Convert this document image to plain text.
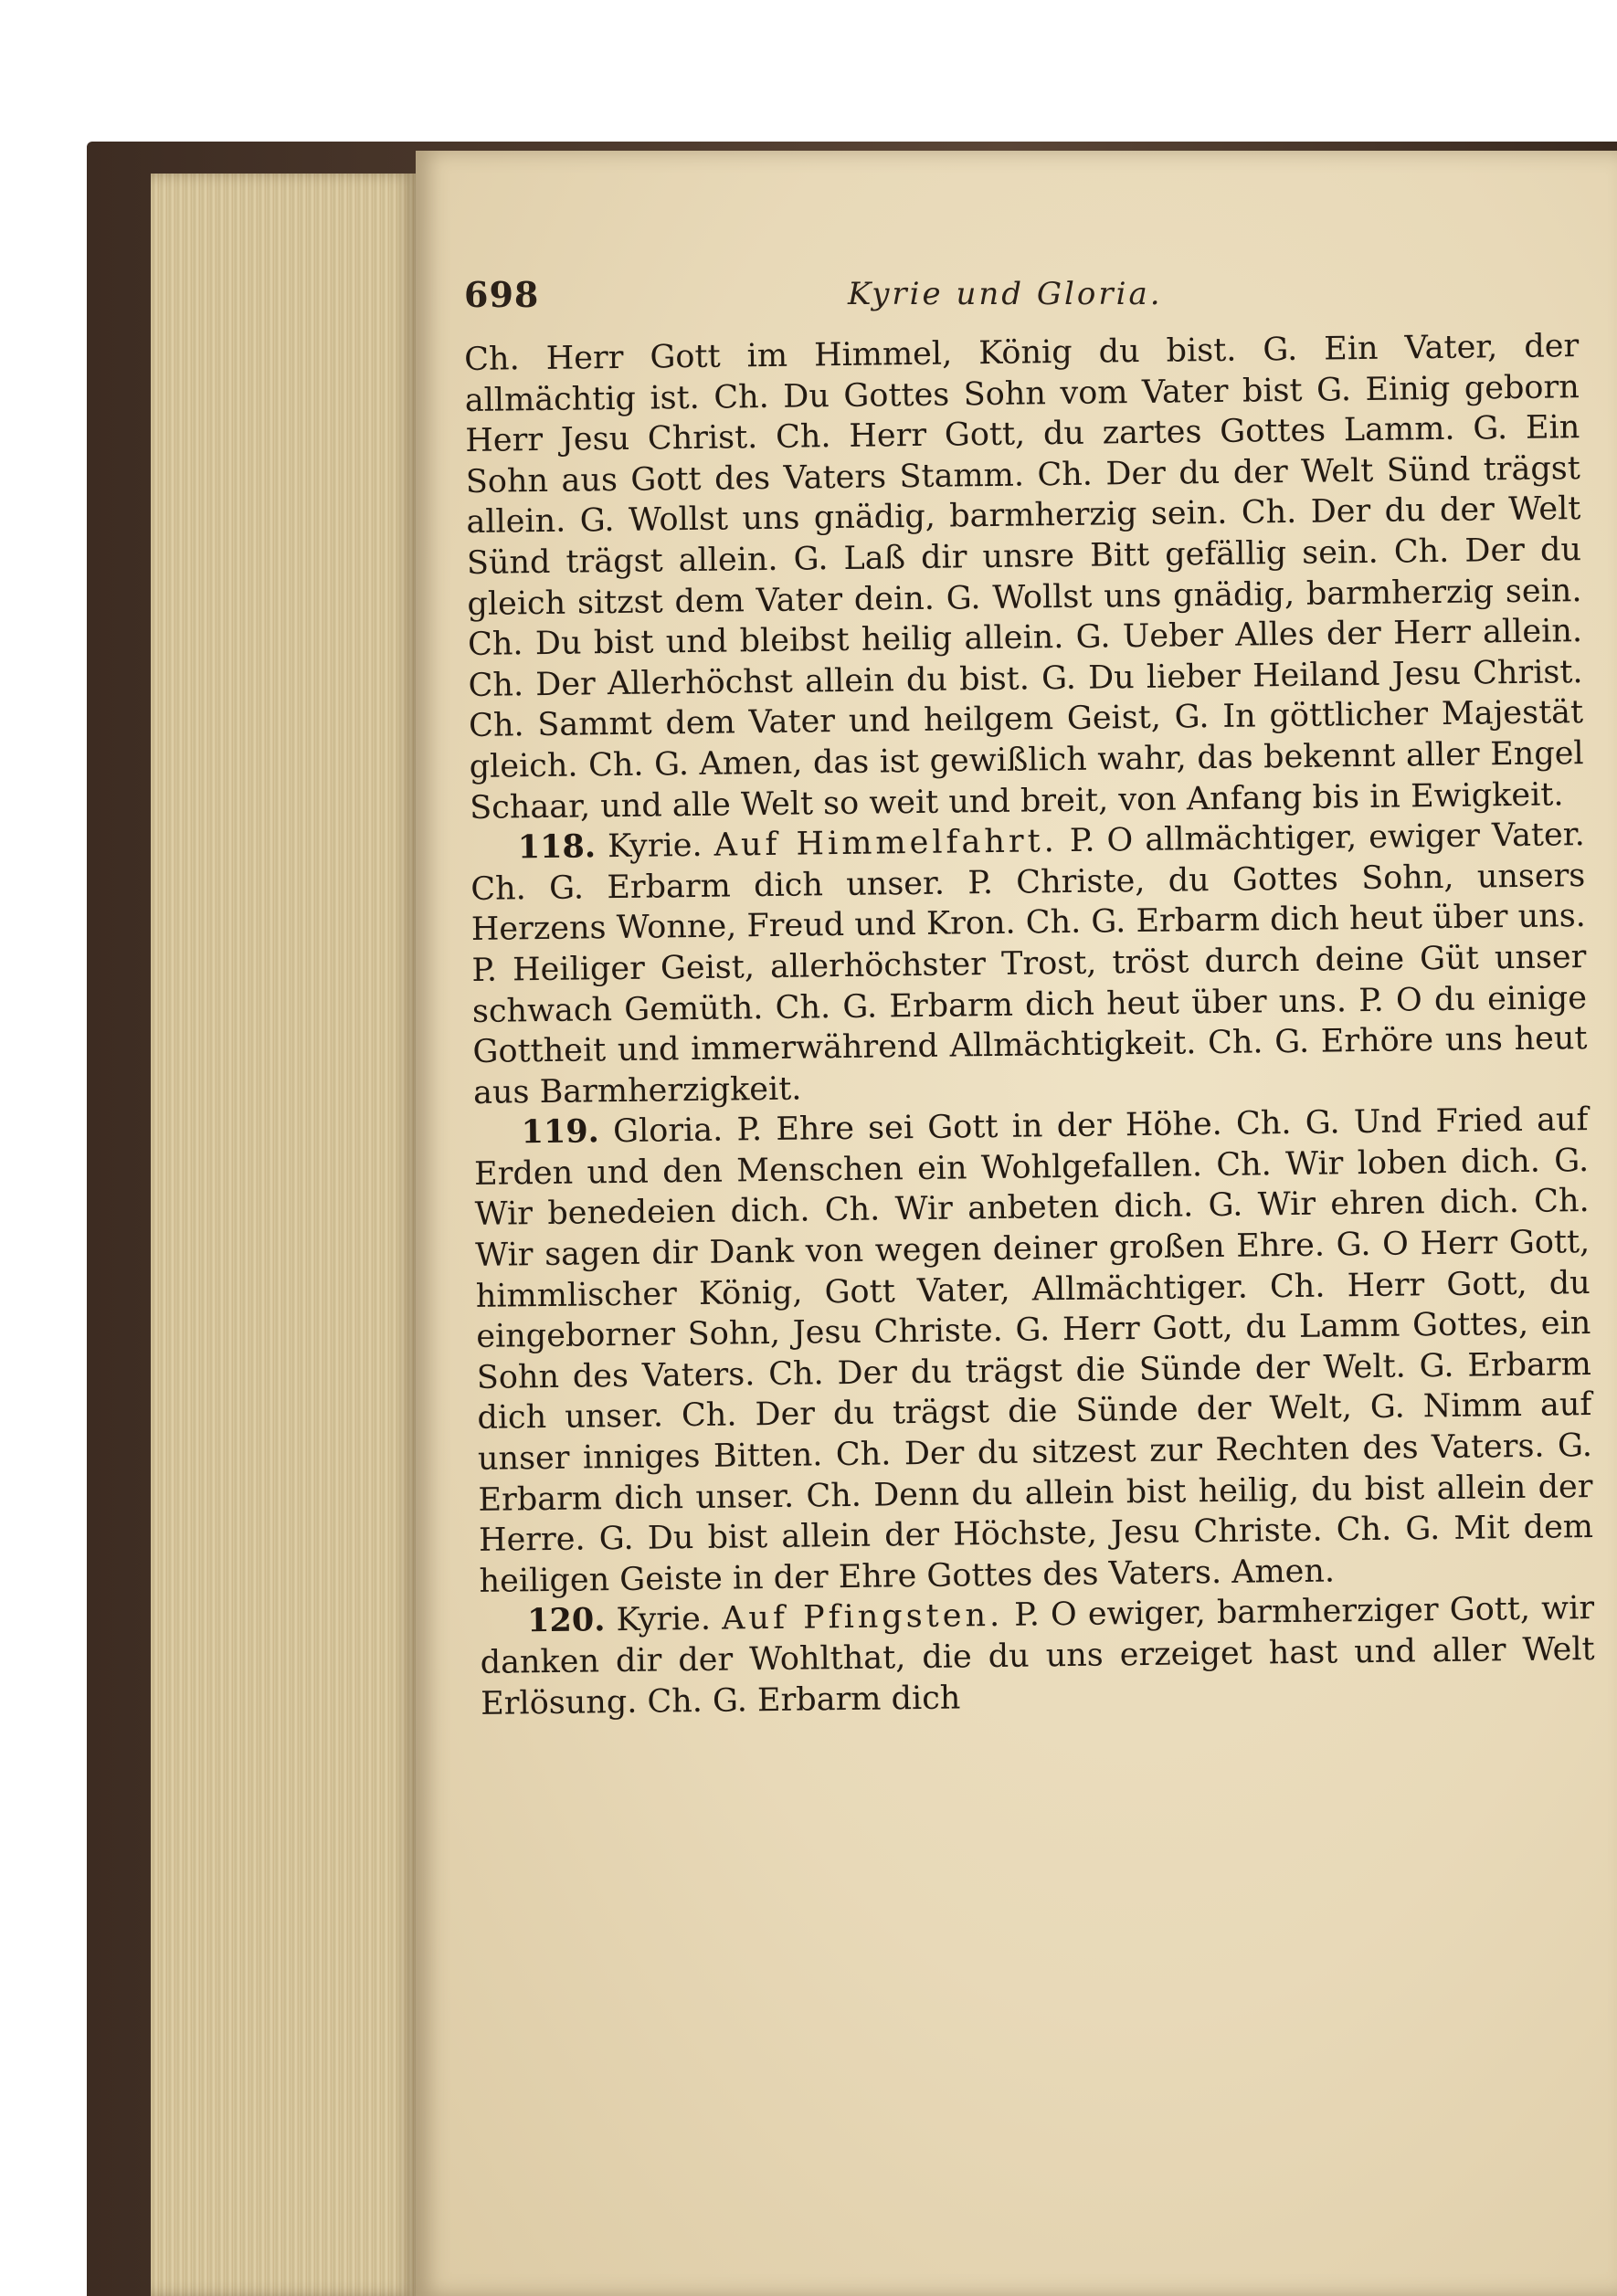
698	Kyrie und Gloria.

Ch. Herr Gott im Himmel, König du bist. G. Ein Vater, der allmächtig ist. Ch. Du Gottes Sohn vom Vater bist G. Einig geborn Herr Jesu Christ. Ch. Herr Gott, du zartes Gottes Lamm. G. Ein Sohn aus Gott des Vaters Stamm. Ch. Der du der Welt Sünd trägst allein. G. Wollst uns gnädig, barmherzig sein. Ch. Der du der Welt Sünd trägst allein. G. Laß dir unsre Bitt gefällig sein. Ch. Der du gleich sitzst dem Vater dein. G. Wollst uns gnädig, barmherzig sein. Ch. Du bist und bleibst heilig allein. G. Ueber Alles der Herr allein. Ch. Der Allerhöchst allein du bist. G. Du lieber Heiland Jesu Christ. Ch. Sammt dem Vater und heilgem Geist, G. In göttlicher Majestät gleich. Ch. G. Amen, das ist gewißlich wahr, das bekennt aller Engel Schaar, und alle Welt so weit und breit, von Anfang bis in Ewigkeit.

118. Kyrie. Auf Himmelfahrt. P. O allmächtiger, ewiger Vater. Ch. G. Erbarm dich unser. P. Christe, du Gottes Sohn, unsers Herzens Wonne, Freud und Kron. Ch. G. Erbarm dich heut über uns. P. Heiliger Geist, allerhöchster Trost, tröst durch deine Güt unser schwach Gemüth. Ch. G. Erbarm dich heut über uns. P. O du einige Gottheit und immerwährend Allmächtigkeit. Ch. G. Erhöre uns heut aus Barmherzigkeit.

119. Gloria. P. Ehre sei Gott in der Höhe. Ch. G. Und Fried auf Erden und den Menschen ein Wohlgefallen. Ch. Wir loben dich. G. Wir benedeien dich. Ch. Wir anbeten dich. G. Wir ehren dich. Ch. Wir sagen dir Dank von wegen deiner großen Ehre. G. O Herr Gott, himmlischer König, Gott Vater, Allmächtiger. Ch. Herr Gott, du eingeborner Sohn, Jesu Christe. G. Herr Gott, du Lamm Gottes, ein Sohn des Vaters. Ch. Der du trägst die Sünde der Welt. G. Erbarm dich unser. Ch. Der du trägst die Sünde der Welt, G. Nimm auf unser inniges Bitten. Ch. Der du sitzest zur Rechten des Vaters. G. Erbarm dich unser. Ch. Denn du allein bist heilig, du bist allein der Herre. G. Du bist allein der Höchste, Jesu Christe. Ch. G. Mit dem heiligen Geiste in der Ehre Gottes des Vaters. Amen.

120. Kyrie. Auf Pfingsten. P. O ewiger, barmherziger Gott, wir danken dir der Wohlthat, die du uns erzeiget hast und aller Welt Erlösung. Ch. G. Erbarm dich
